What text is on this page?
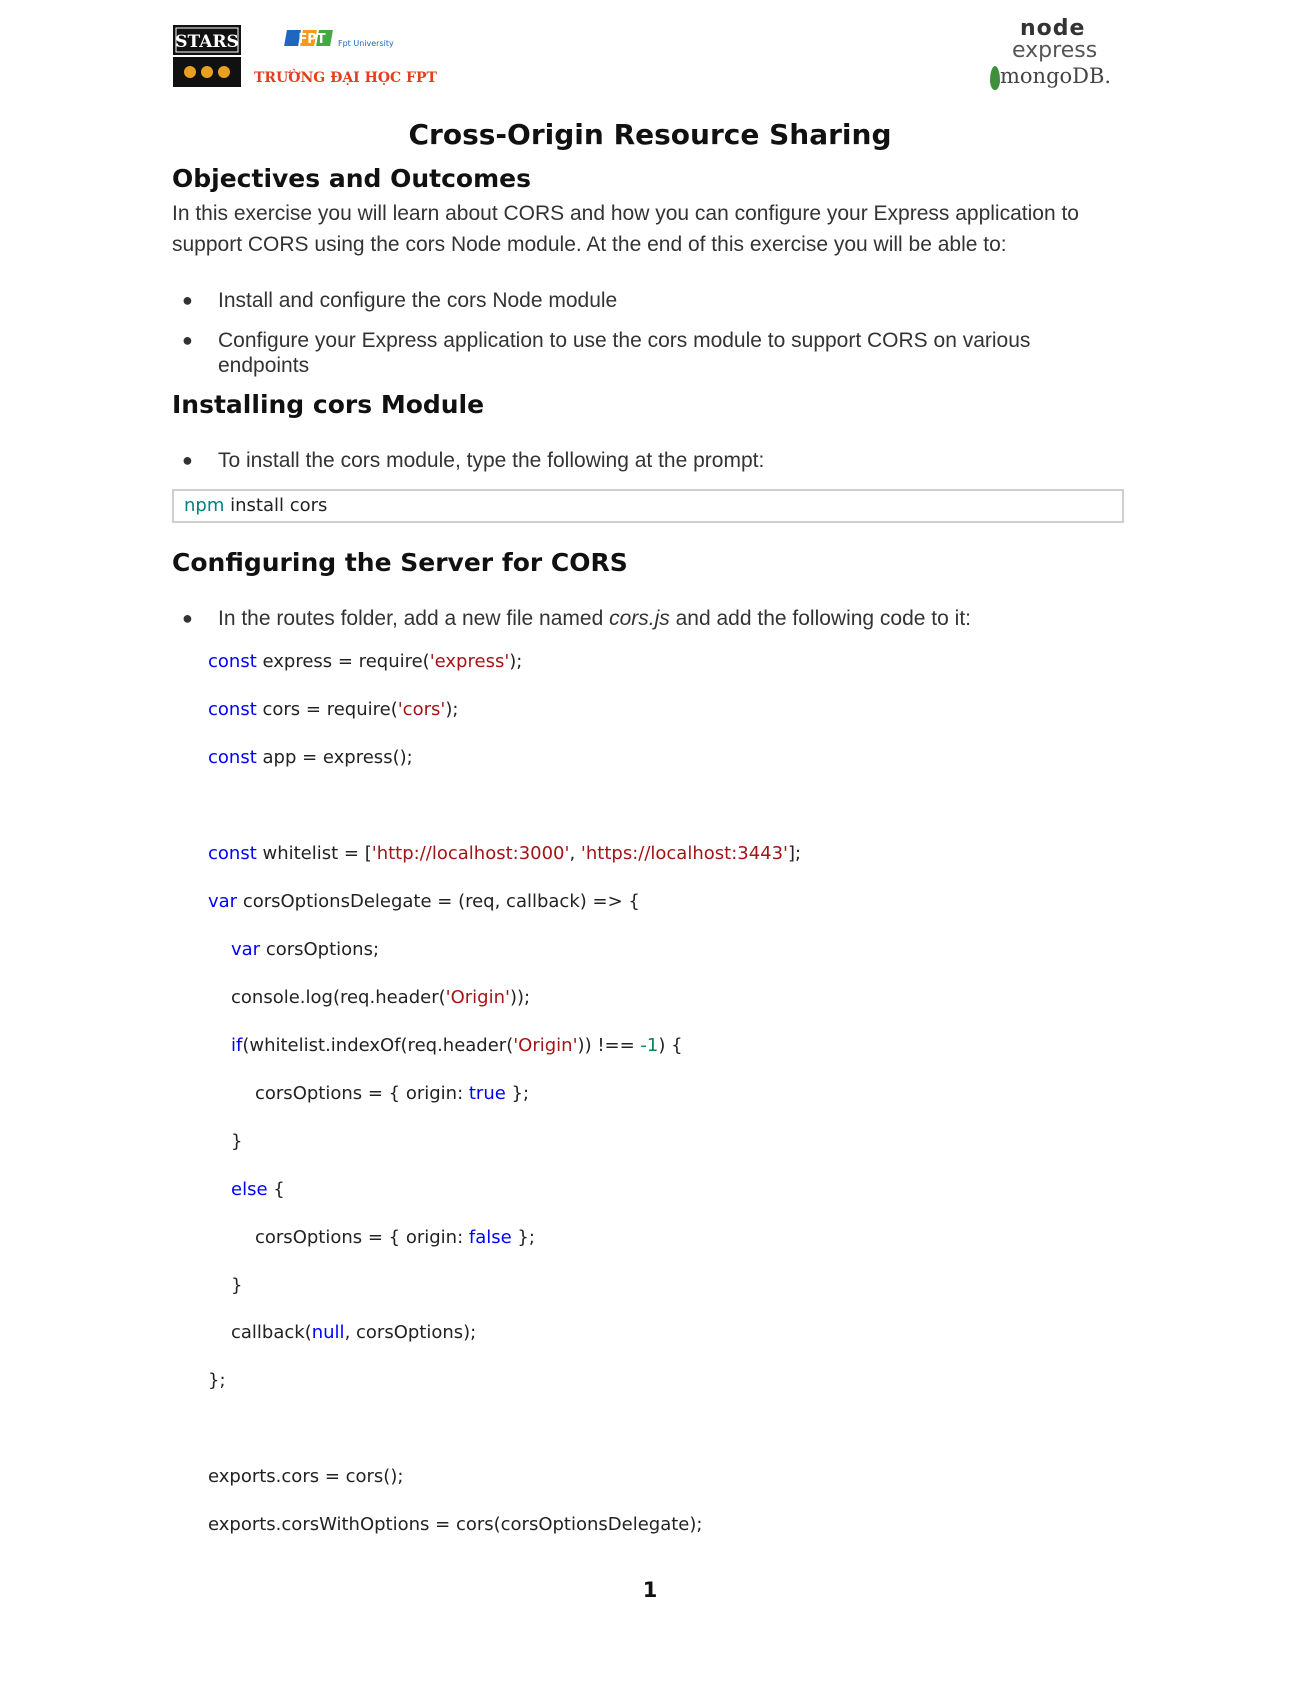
STARS	FPT Fpt University
TRƯỜNG ĐẠI HỌC FPT
node
express
mongoDB.
Cross-Origin Resource Sharing
Objectives and Outcomes
In this exercise you will learn about CORS and how you can configure your Express application to
support CORS using the cors Node module. At the end of this exercise you will be able to:
● Install and configure the cors Node module
● Configure your Express application to use the cors module to support CORS on various
endpoints
Installing cors Module
● To install the cors module, type the following at the prompt:
npm install cors
Configuring the Server for CORS
● In the routes folder, add a new file named cors.js and add the following code to it:
const express = require('express');
const cors = require('cors');
const app = express();
const whitelist = ['http://localhost:3000', 'https://localhost:3443'];
var corsOptionsDelegate = (req, callback) => {
var corsOptions;
console.log(req.header('Origin'));
if(whitelist.indexOf(req.header('Origin')) !== -1) {
corsOptions = { origin: true };
}
else {
corsOptions = { origin: false };
}
callback(null, corsOptions);
};
exports.cors = cors();
exports.corsWithOptions = cors(corsOptionsDelegate);
1
